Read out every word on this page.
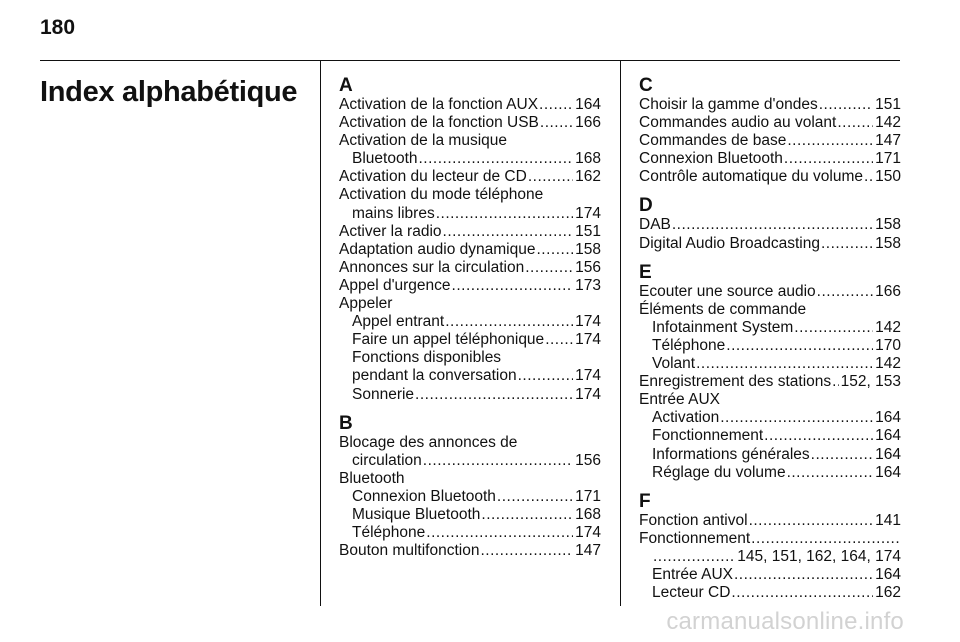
180
Index alphabétique A
Activation de la fonction AUX ..... 164
Activation de la fonction USB ..... 166
Activation de la musique
Bluetooth .....	168
Activation du lecteur de CD .....	162
Activation du mode téléphone
mains libres .....	174
Activer la radio .....	151
Adaptation audio dynamique .....	158
Annonces sur la circulation .....	156
Appel d'urgence .....	173
Appeler
Appel entrant .....	174
Faire un appel téléphonique ..... 174
Fonctions disponibles
pendant la conversation .....	174
Sonnerie .....	174
B
Blocage des annonces de
circulation .....	156
Bluetooth
Connexion Bluetooth .....	171
Musique Bluetooth .....	168
Téléphone .....	174
Bouton multifonction .....	147
C
Choisir la gamme d'ondes .....	151
Commandes audio au volant .....	142
Commandes de base .....	147
Connexion Bluetooth .....	171
Contrôle automatique du volume ..... 150
D
DAB .....	158
Digital Audio Broadcasting .....	158
E
Ecouter une source audio .....	166
Éléments de commande
Infotainment System .....	142
Téléphone .....	170
Volant .....	142
Enregistrement des stations ..... 152, 153
Entrée AUX
Activation .....	164
Fonctionnement .....	164
Informations générales .....	164
Réglage du volume .....	164
F
Fonction antivol .....	141
Fonctionnement
.....
.....
145, 151, 162, 164, 174
Entrée AUX .....	164
Lecteur CD .....	162
carmanualsonline.info
